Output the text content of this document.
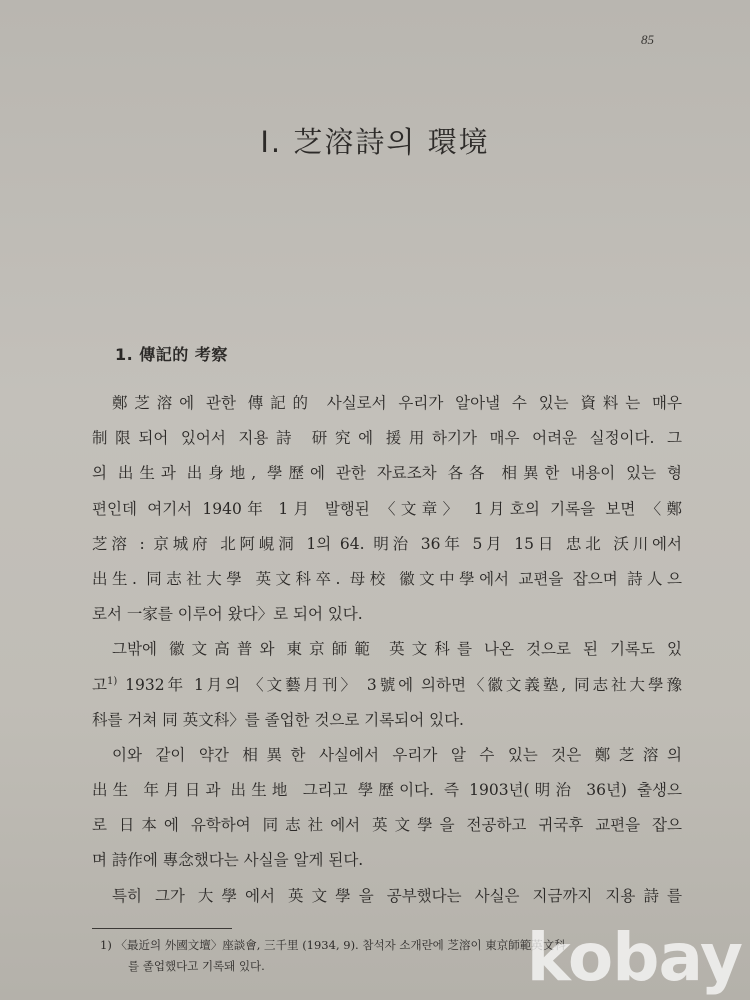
85
I. 芝溶詩의 環境
1. 傳記的 考察
鄭芝溶에 관한 傳記的 사실로서 우리가 알아낼 수 있는 資料는 매우
制限되어 있어서 지용詩 研究에 援用하기가 매우 어려운 실정이다. 그
의 出生과 出身地, 學歷에 관한 자료조차 各各 相異한 내용이 있는 형
편인데 여기서 1940年 1月 발행된 〈文章〉 1月호의 기록을 보면 〈鄭
芝溶 : 京城府 北阿峴洞 1의 64. 明治 36年 5月 15日 忠北 沃川에서
出生. 同志社大學 英文科卒. 母校 徽文中學에서 교편을 잡으며 詩人으
로서 一家를 이루어 왔다〉로 되어 있다.
그밖에 徽文高普와 東京師範 英文科를 나온 것으로 된 기록도 있
고$^{1)}$ 1932年 1月의 〈文藝月刊〉 3號에 의하면〈徽文義塾, 同志社大學豫
科를 거쳐 同 英文科〉를 졸업한 것으로 기록되어 있다.
이와 같이 약간 相異한 사실에서 우리가 알 수 있는 것은 鄭芝溶의
出生 年月日과 出生地 그리고 學歷이다. 즉 1903년(明治 36년) 출생으
로 日本에 유학하여 同志社에서 英文學을 전공하고 귀국후 교편을 잡으
며 詩作에 專念했다는 사실을 알게 된다.
특히 그가 大學에서 英文學을 공부했다는 사실은 지금까지 지용詩를
1) 〈最近의 外國文壇〉座談會, 三千里 (1934, 9). 참석자 소개란에 芝溶이 東京師範英文科
를 졸업했다고 기록돼 있다.	kobay
